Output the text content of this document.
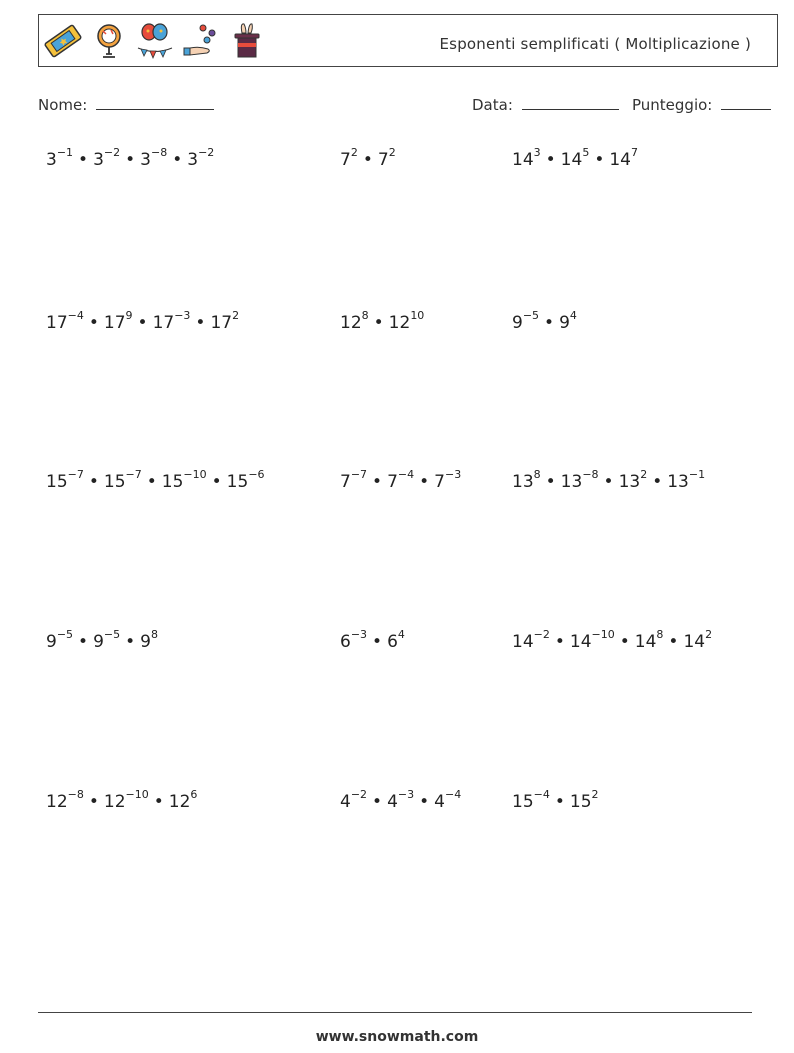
Esponenti semplificati ( Moltiplicazione )
Nome:	Data:	Punteggio:
$3^{-1}$ • $3^{-2}$ • $3^{-8}$ • $3^{-2}$	$7^2$ • $7^2$	$14^3$ • $14^5$ • $14^7$
$17^{-4}$ • $17^9$ • $17^{-3}$ • $17^2$	$12^8$ • $12^{10}$	$9^{-5}$ • $9^4$
$15^{-7}$ • $15^{-7}$ • $15^{-10}$ • $15^{-6}$	$7^{-7}$ • $7^{-4}$ • $7^{-3}$	$13^8$ • $13^{-8}$ • $13^2$ • $13^{-1}$
$9^{-5}$ • $9^{-5}$ • $9^8$	$6^{-3}$ • $6^4$	$14^{-2}$ • $14^{-10}$ • $14^8$ • $14^2$
$12^{-8}$ • $12^{-10}$ • $12^6$	$4^{-2}$ • $4^{-3}$ • $4^{-4}$	$15^{-4}$ • $15^2$
www.snowmath.com
